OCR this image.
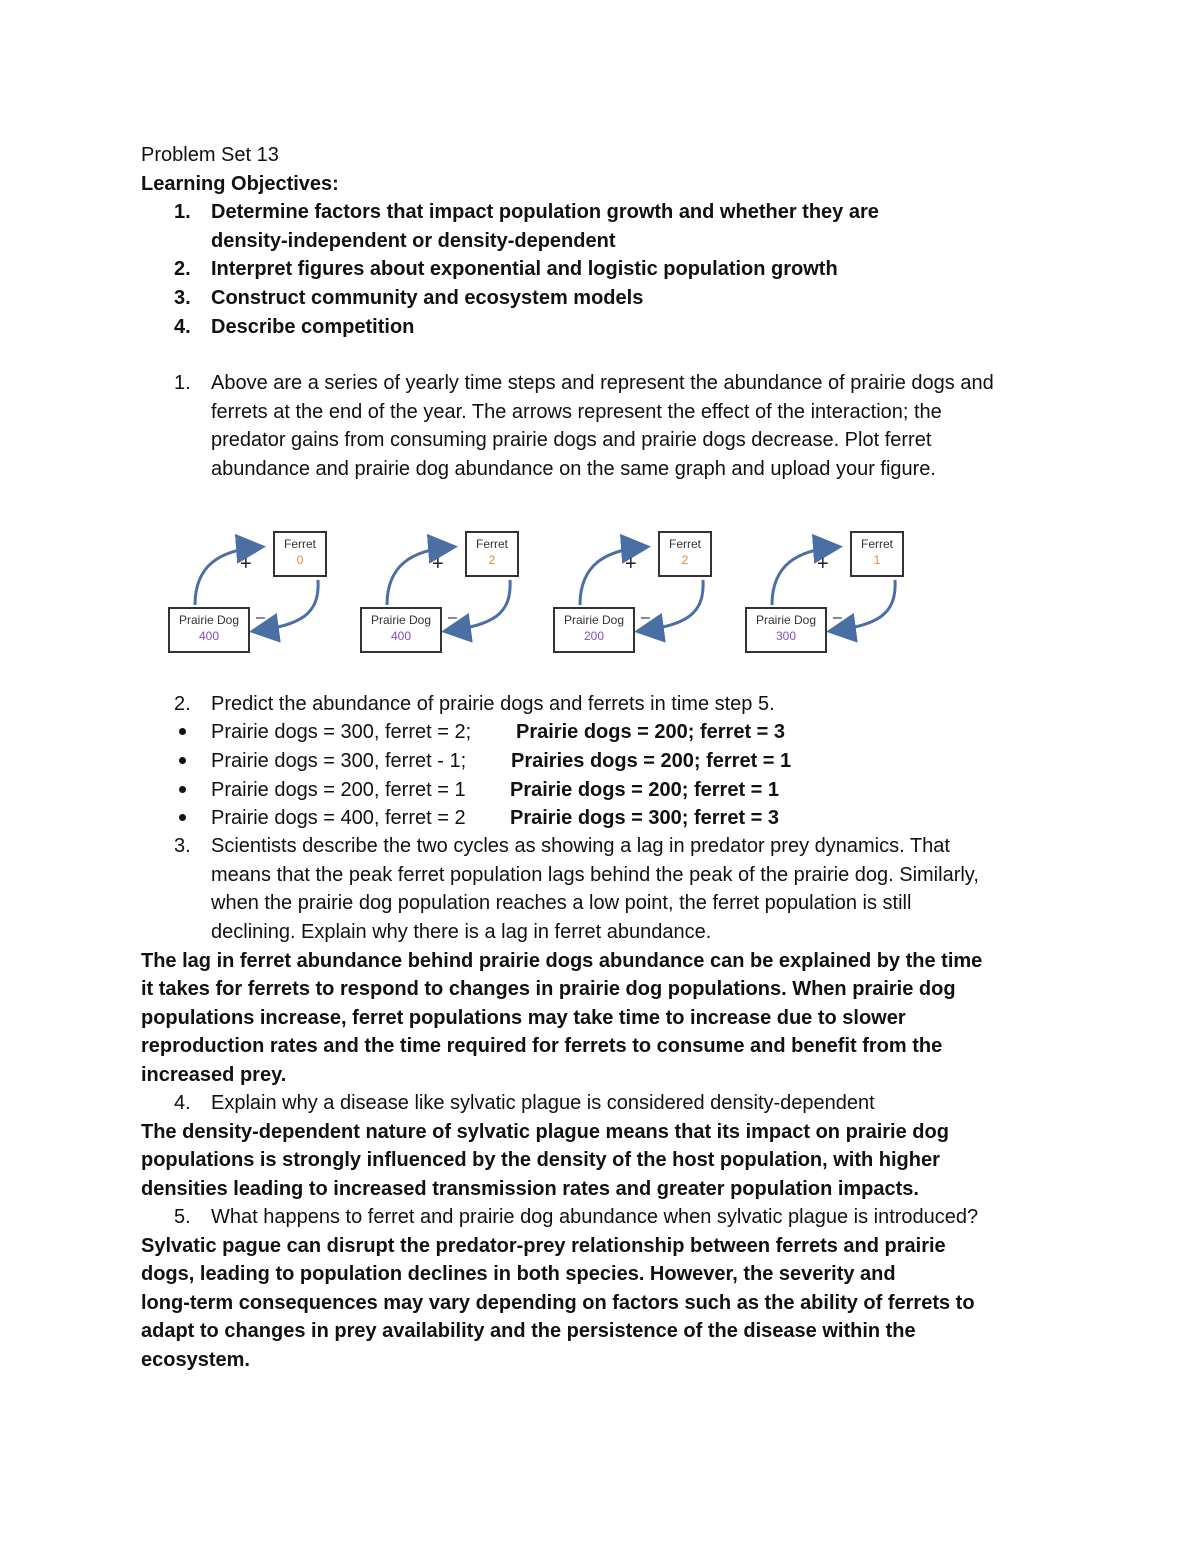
Problem Set 13
Learning Objectives:
1. Determine factors that impact population growth and whether they are
density-independent or density-dependent
2. Interpret figures about exponential and logistic population growth
3. Construct community and ecosystem models
4. Describe competition
1. Above are a series of yearly time steps and represent the abundance of prairie dogs and
ferrets at the end of the year. The arrows represent the effect of the interaction; the
predator gains from consuming prairie dogs and prairie dogs decrease. Plot ferret
abundance and prairie dog abundance on the same graph and upload your figure.
Ferret
0
Prairie Dog
400
+
–
Ferret
2
Prairie Dog
400
+
–
Ferret
2
Prairie Dog
200
+
–
Ferret
1
Prairie Dog
300
+
–
2. Predict the abundance of prairie dogs and ferrets in time step 5.
Prairie dogs = 300, ferret = 2; Prairie dogs = 200; ferret = 3
Prairie dogs = 300, ferret - 1; Prairies dogs = 200; ferret = 1
Prairie dogs = 200, ferret = 1 Prairie dogs = 200; ferret = 1
Prairie dogs = 400, ferret = 2 Prairie dogs = 300; ferret = 3
3. Scientists describe the two cycles as showing a lag in predator prey dynamics. That
means that the peak ferret population lags behind the peak of the prairie dog. Similarly,
when the prairie dog population reaches a low point, the ferret population is still
declining. Explain why there is a lag in ferret abundance.
The lag in ferret abundance behind prairie dogs abundance can be explained by the time
it takes for ferrets to respond to changes in prairie dog populations. When prairie dog
populations increase, ferret populations may take time to increase due to slower
reproduction rates and the time required for ferrets to consume and benefit from the
increased prey.
4. Explain why a disease like sylvatic plague is considered density-dependent
The density-dependent nature of sylvatic plague means that its impact on prairie dog
populations is strongly influenced by the density of the host population, with higher
densities leading to increased transmission rates and greater population impacts.
5. What happens to ferret and prairie dog abundance when sylvatic plague is introduced?
Sylvatic pague can disrupt the predator-prey relationship between ferrets and prairie
dogs, leading to population declines in both species. However, the severity and
long-term consequences may vary depending on factors such as the ability of ferrets to
adapt to changes in prey availability and the persistence of the disease within the
ecosystem.
